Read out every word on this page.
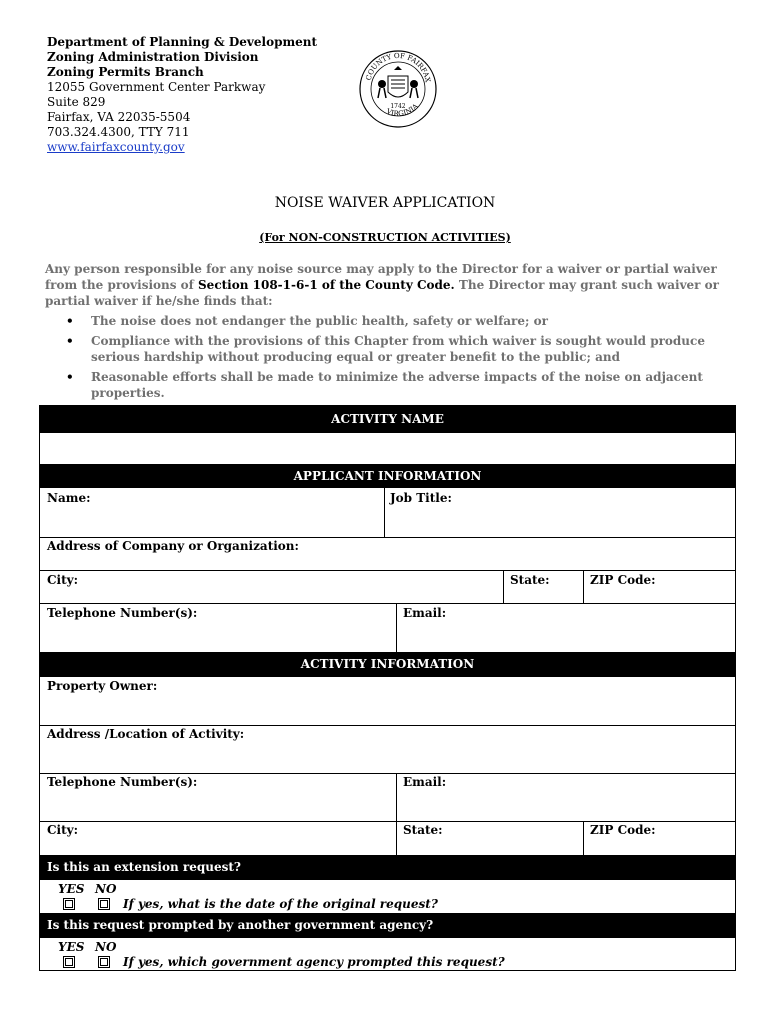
Department of Planning & Development
Zoning Administration Division
Zoning Permits Branch
12055 Government Center Parkway
Suite 829
Fairfax, VA 22035-5504
703.324.4300, TTY 711
www.fairfaxcounty.gov
COUNTY OF FAIRFAX
VIRGINIA
1742
NOISE WAIVER APPLICATION
(For NON-CONSTRUCTION ACTIVITIES)
Any person responsible for any noise source may apply to the Director for a waiver or partial waiver from the provisions of Section 108-1-6-1 of the County Code. The Director may grant such waiver or partial waiver if he/she finds that:
• The noise does not endanger the public health, safety or welfare; or
• Compliance with the provisions of this Chapter from which waiver is sought would produce serious hardship without producing equal or greater benefit to the public; and
• Reasonable efforts shall be made to minimize the adverse impacts of the noise on adjacent properties.
ACTIVITY NAME
APPLICANT INFORMATION
Name:	Job Title:
Address of Company or Organization:
City:	State:	ZIP Code:
Telephone Number(s):	Email:
ACTIVITY INFORMATION
Property Owner:
Address /Location of Activity:
Telephone Number(s):	Email:
City:	State:	ZIP Code:
Is this an extension request?
YES NO
If yes, what is the date of the original request?
Is this request prompted by another government agency?
YES NO
If yes, which government agency prompted this request?
